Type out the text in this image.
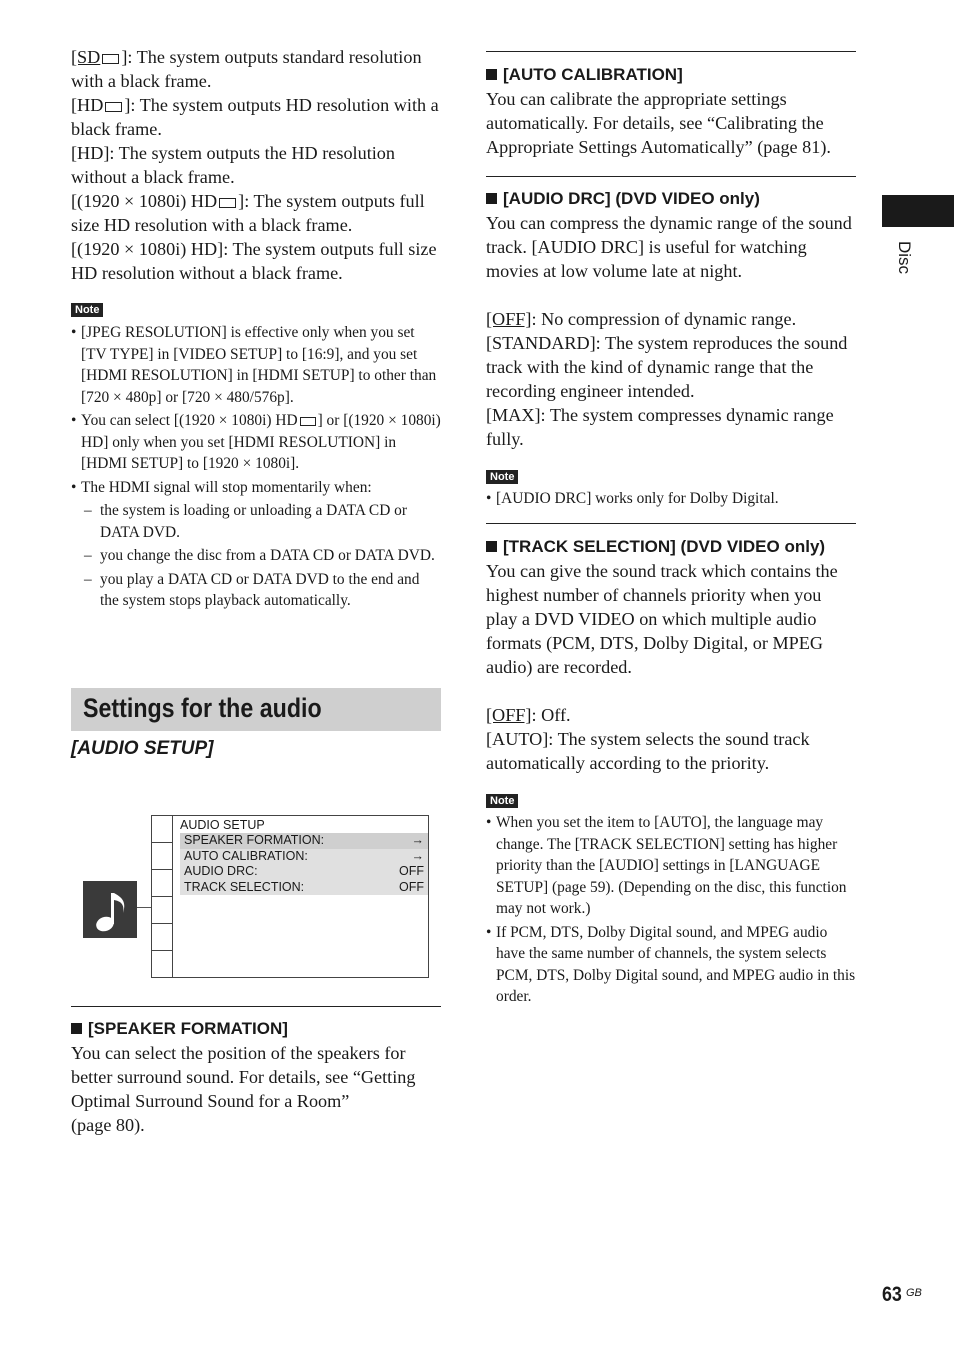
[SD ]: The system outputs standard resolution with a black frame.

[HD ]: The system outputs HD resolution with a black frame.

[HD]: The system outputs the HD resolution without a black frame.

[(1920 × 1080i) HD ]: The system outputs full size HD resolution with a black frame.

[(1920 × 1080i) HD]: The system outputs full size HD resolution without a black frame.

Note
• [JPEG RESOLUTION] is effective only when you set [TV TYPE] in [VIDEO SETUP] to [16:9], and you set [HDMI RESOLUTION] in [HDMI SETUP] to other than [720 × 480p] or [720 × 480/576p].
• You can select [(1920 × 1080i) HD ] or [(1920 × 1080i) HD] only when you set [HDMI RESOLUTION] in [HDMI SETUP] to [1920 × 1080i].
• The HDMI signal will stop momentarily when:
– the system is loading or unloading a DATA CD or DATA DVD.
– you change the disc from a DATA CD or DATA DVD.
– you play a DATA CD or DATA DVD to the end and the system stops playback automatically.
Settings for the audio
[AUDIO SETUP]
AUDIO SETUP
SPEAKER FORMATION:	→
AUTO CALIBRATION:	→
AUDIO DRC:	OFF
TRACK SELECTION:	OFF

[SPEAKER FORMATION]

You can select the position of the speakers for better surround sound. For details, see “Getting Optimal Surround Sound for a Room”

(page 80).

[AUTO CALIBRATION]

You can calibrate the appropriate settings automatically. For details, see “Calibrating the Appropriate Settings Automatically” (page 81).

[AUDIO DRC] (DVD VIDEO only)

You can compress the dynamic range of the sound track. [AUDIO DRC] is useful for watching movies at low volume late at night.

[OFF]: No compression of dynamic range.

[STANDARD]: The system reproduces the sound track with the kind of dynamic range that the recording engineer intended.

[MAX]: The system compresses dynamic range fully.

Note
• [AUDIO DRC] works only for Dolby Digital.

[TRACK SELECTION] (DVD VIDEO only)

You can give the sound track which contains the highest number of channels priority when you play a DVD VIDEO on which multiple audio formats (PCM, DTS, Dolby Digital, or MPEG audio) are recorded.

[OFF]: Off.

[AUTO]: The system selects the sound track automatically according to the priority.

Note
• When you set the item to [AUTO], the language may change. The [TRACK SELECTION] setting has higher priority than the [AUDIO] settings in [LANGUAGE SETUP] (page 59). (Depending on the disc, this function may not work.)
• If PCM, DTS, Dolby Digital sound, and MPEG audio have the same number of channels, the system selects PCM, DTS, Dolby Digital sound, and MPEG audio in this order.
Disc
63 GB
